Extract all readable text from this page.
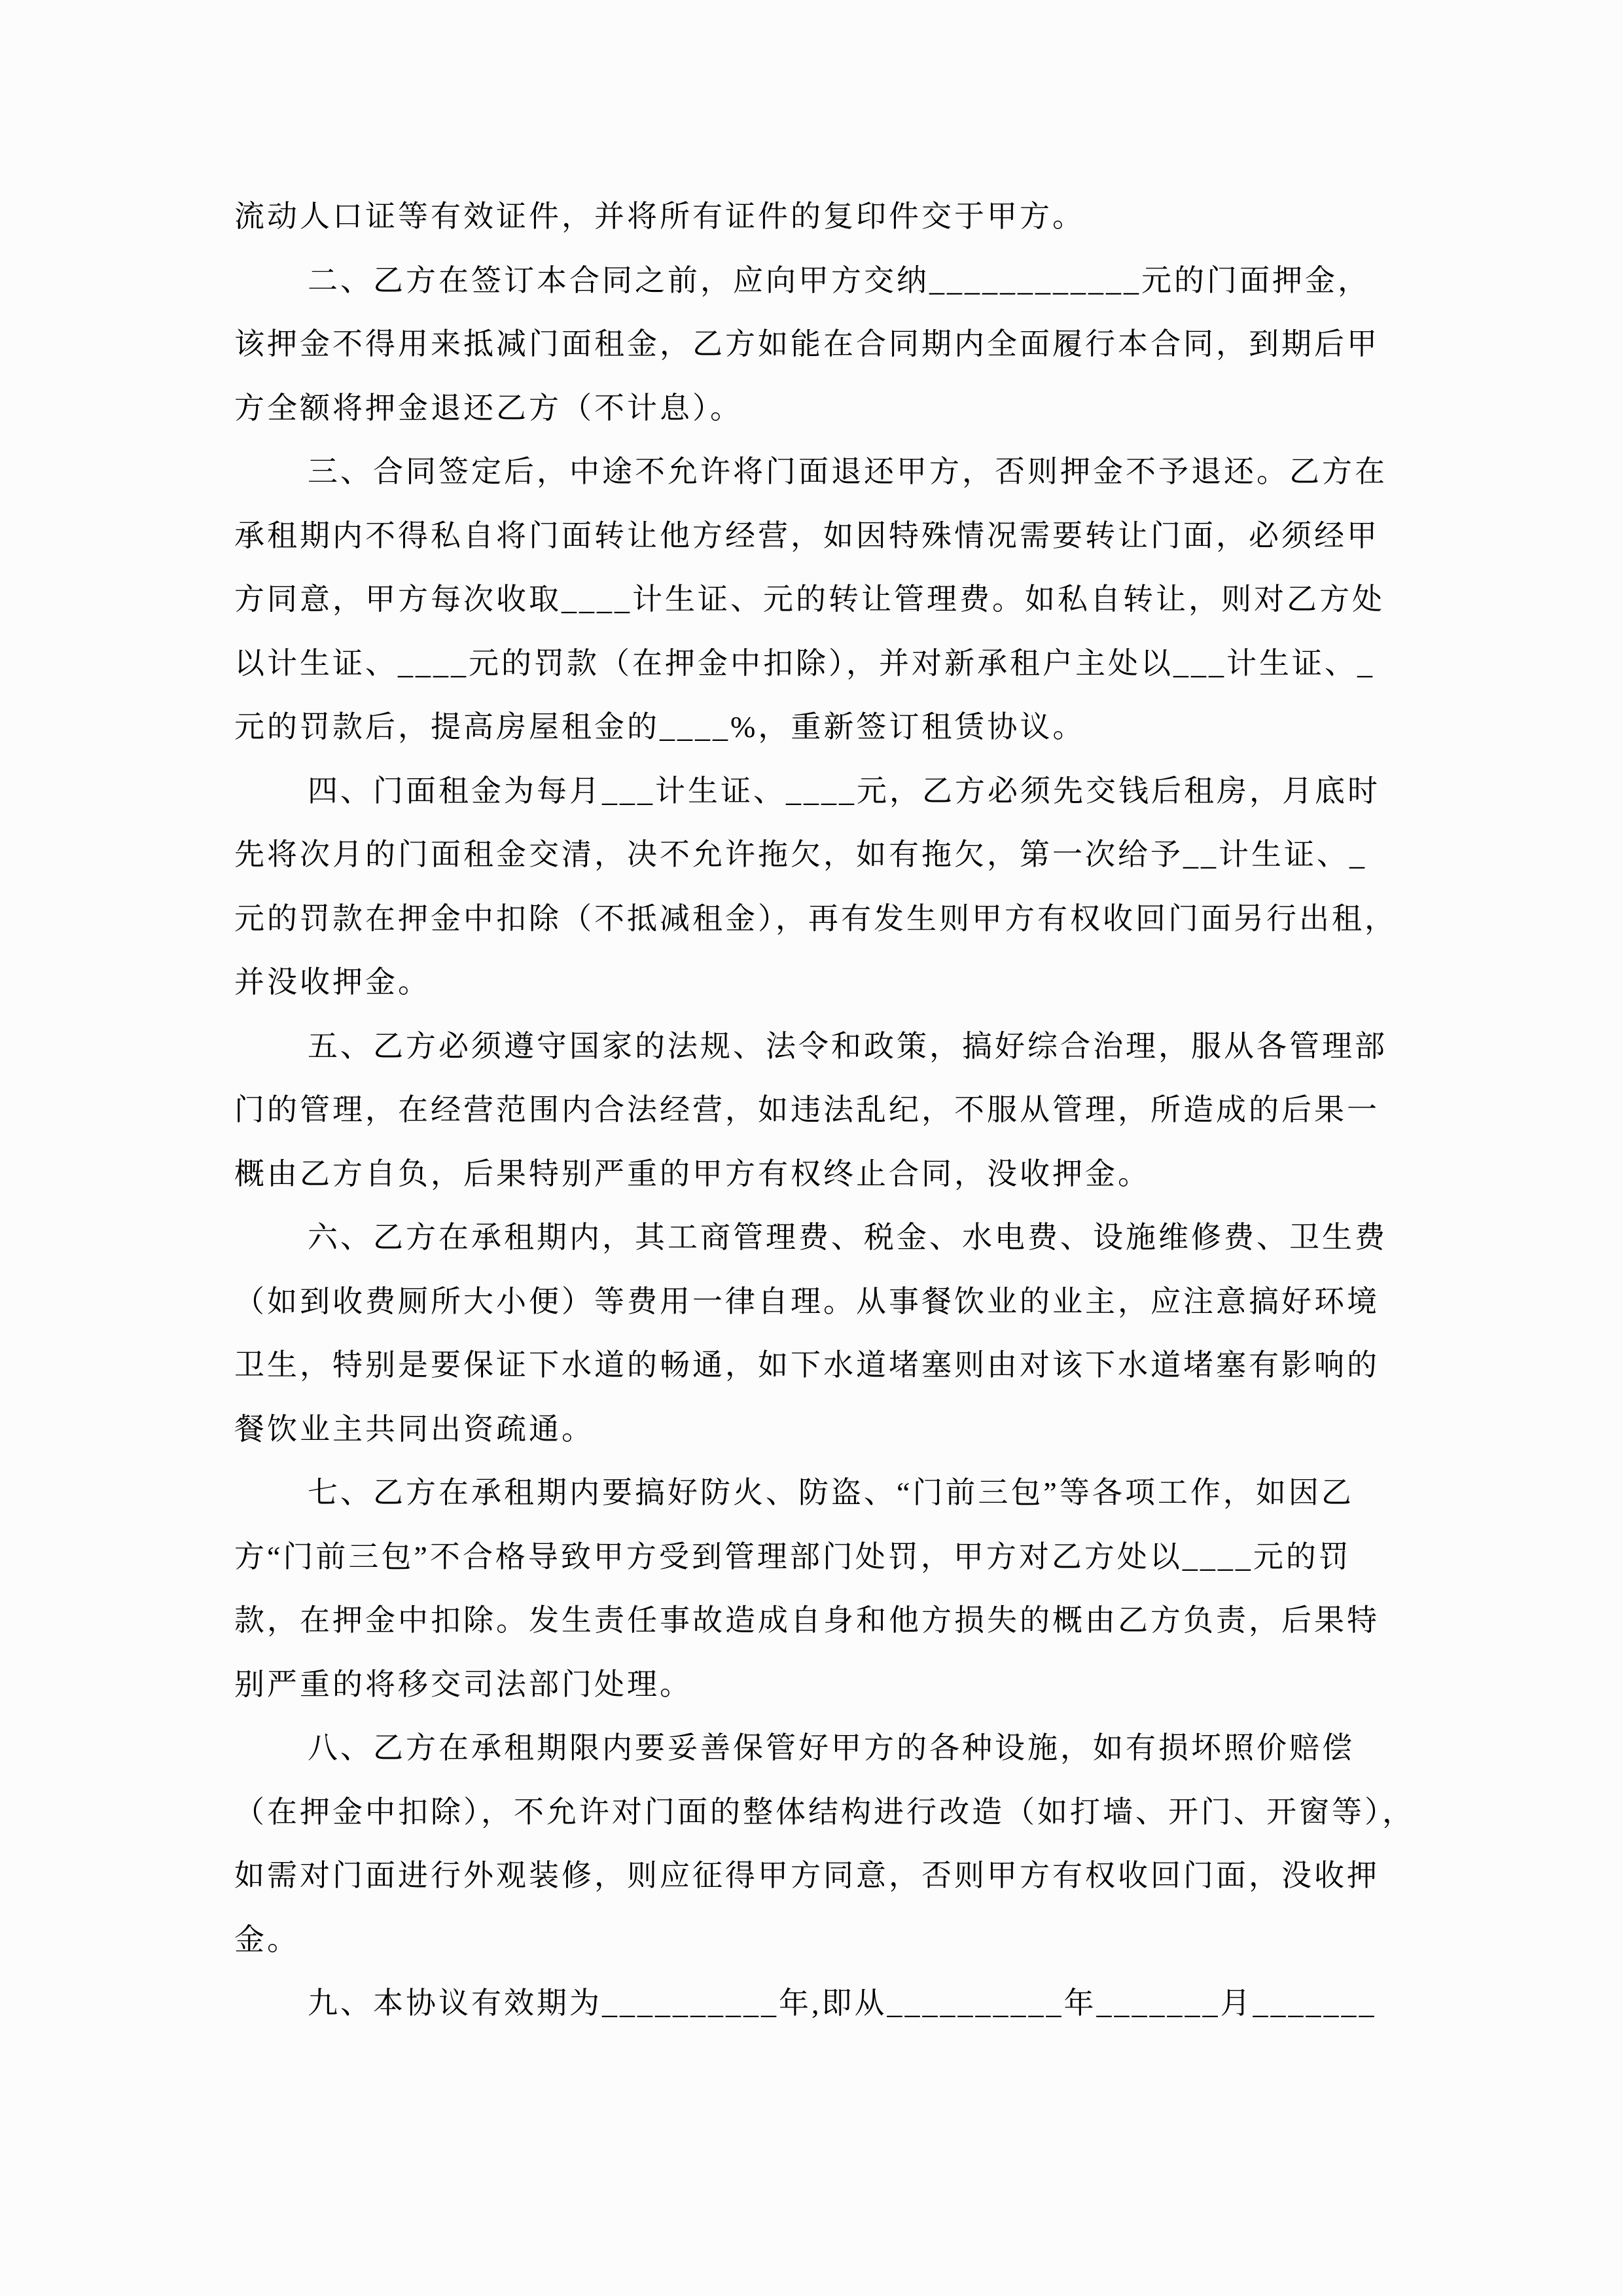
流动人口证等有效证件，并将所有证件的复印件交于甲方。

二、乙方在签订本合同之前，应向甲方交纳____________元的门面押金，

该押金不得用来抵减门面租金，乙方如能在合同期内全面履行本合同，到期后甲

方全额将押金退还乙方（不计息）。

三、合同签定后，中途不允许将门面退还甲方，否则押金不予退还。乙方在

承租期内不得私自将门面转让他方经营，如因特殊情况需要转让门面，必须经甲

方同意，甲方每次收取____计生证、元的转让管理费。如私自转让，则对乙方处

以计生证、____元的罚款（在押金中扣除），并对新承租户主处以___计生证、_

元的罚款后，提高房屋租金的____%，重新签订租赁协议。

四、门面租金为每月___计生证、____元，乙方必须先交钱后租房，月底时

先将次月的门面租金交清，决不允许拖欠，如有拖欠，第一次给予__计生证、_

元的罚款在押金中扣除（不抵减租金），再有发生则甲方有权收回门面另行出租，

并没收押金。

五、乙方必须遵守国家的法规、法令和政策，搞好综合治理，服从各管理部

门的管理，在经营范围内合法经营，如违法乱纪，不服从管理，所造成的后果一

概由乙方自负，后果特别严重的甲方有权终止合同，没收押金。

六、乙方在承租期内，其工商管理费、税金、水电费、设施维修费、卫生费

（如到收费厕所大小便）等费用一律自理。从事餐饮业的业主，应注意搞好环境

卫生，特别是要保证下水道的畅通，如下水道堵塞则由对该下水道堵塞有影响的

餐饮业主共同出资疏通。

七、乙方在承租期内要搞好防火、防盗、“门前三包”等各项工作，如因乙

方“门前三包”不合格导致甲方受到管理部门处罚，甲方对乙方处以____元的罚

款，在押金中扣除。发生责任事故造成自身和他方损失的概由乙方负责，后果特

别严重的将移交司法部门处理。

八、乙方在承租期限内要妥善保管好甲方的各种设施，如有损坏照价赔偿

（在押金中扣除），不允许对门面的整体结构进行改造（如打墙、开门、开窗等），

如需对门面进行外观装修，则应征得甲方同意，否则甲方有权收回门面，没收押

金。

九、本协议有效期为__________年,即从__________年_______月_______
